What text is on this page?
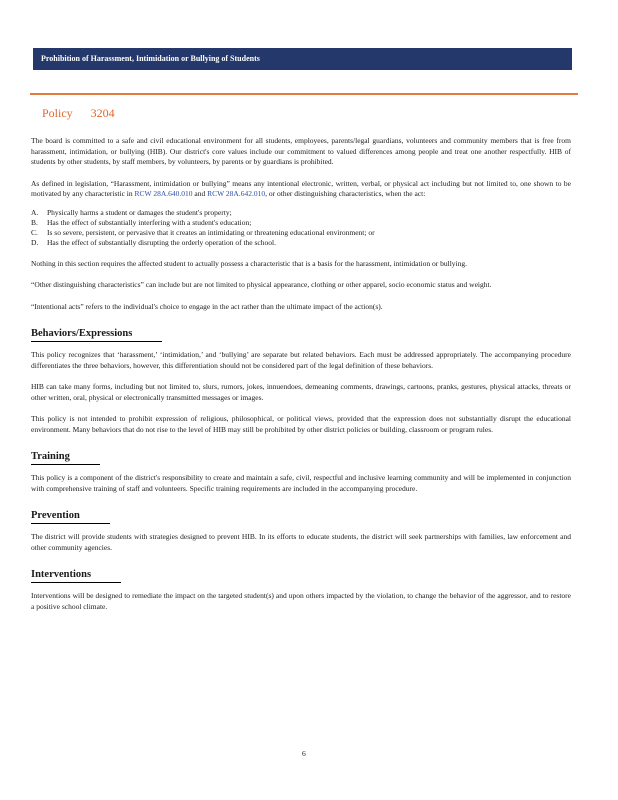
Prohibition of Harassment, Intimidation or Bullying of Students
Policy 3204

The board is committed to a safe and civil educational environment for all students, employees, parents/legal guardians, volunteers and community members that is free from harassment, intimidation, or bullying (HIB). Our district's core values include our commitment to valued differences among people and treat one another respectfully. HIB of students by other students, by staff members, by volunteers, by parents or by guardians is prohibited.

As defined in legislation, “Harassment, intimidation or bullying” means any intentional electronic, written, verbal, or physical act including but not limited to, one shown to be motivated by any characteristic in RCW 28A.640.010 and RCW 28A.642.010, or other distinguishing characteristics, when the act:

A.	Physically harms a student or damages the student's property;
B.	Has the effect of substantially interfering with a student's education;
C.	Is so severe, persistent, or pervasive that it creates an intimidating or threatening educational environment; or
D.	Has the effect of substantially disrupting the orderly operation of the school.

Nothing in this section requires the affected student to actually possess a characteristic that is a basis for the harassment, intimidation or bullying.

“Other distinguishing characteristics” can include but are not limited to physical appearance, clothing or other apparel, socio economic status and weight.

“Intentional acts” refers to the individual's choice to engage in the act rather than the ultimate impact of the action(s).

Behaviors/Expressions

This policy recognizes that ‘harassment,’ ‘intimidation,’ and ‘bullying’ are separate but related behaviors. Each must be addressed appropriately. The accompanying procedure differentiates the three behaviors, however, this differentiation should not be considered part of the legal definition of these behaviors.

HIB can take many forms, including but not limited to, slurs, rumors, jokes, innuendoes, demeaning comments, drawings, cartoons, pranks, gestures, physical attacks, threats or other written, oral, physical or electronically transmitted messages or images.

This policy is not intended to prohibit expression of religious, philosophical, or political views, provided that the expression does not substantially disrupt the educational environment. Many behaviors that do not rise to the level of HIB may still be prohibited by other district policies or building, classroom or program rules.

Training

This policy is a component of the district's responsibility to create and maintain a safe, civil, respectful and inclusive learning community and will be implemented in conjunction with comprehensive training of staff and volunteers. Specific training requirements are included in the accompanying procedure.

Prevention

The district will provide students with strategies designed to prevent HIB. In its efforts to educate students, the district will seek partnerships with families, law enforcement and other community agencies.

Interventions

Interventions will be designed to remediate the impact on the targeted student(s) and upon others impacted by the violation, to change the behavior of the aggressor, and to restore a positive school climate.

6
